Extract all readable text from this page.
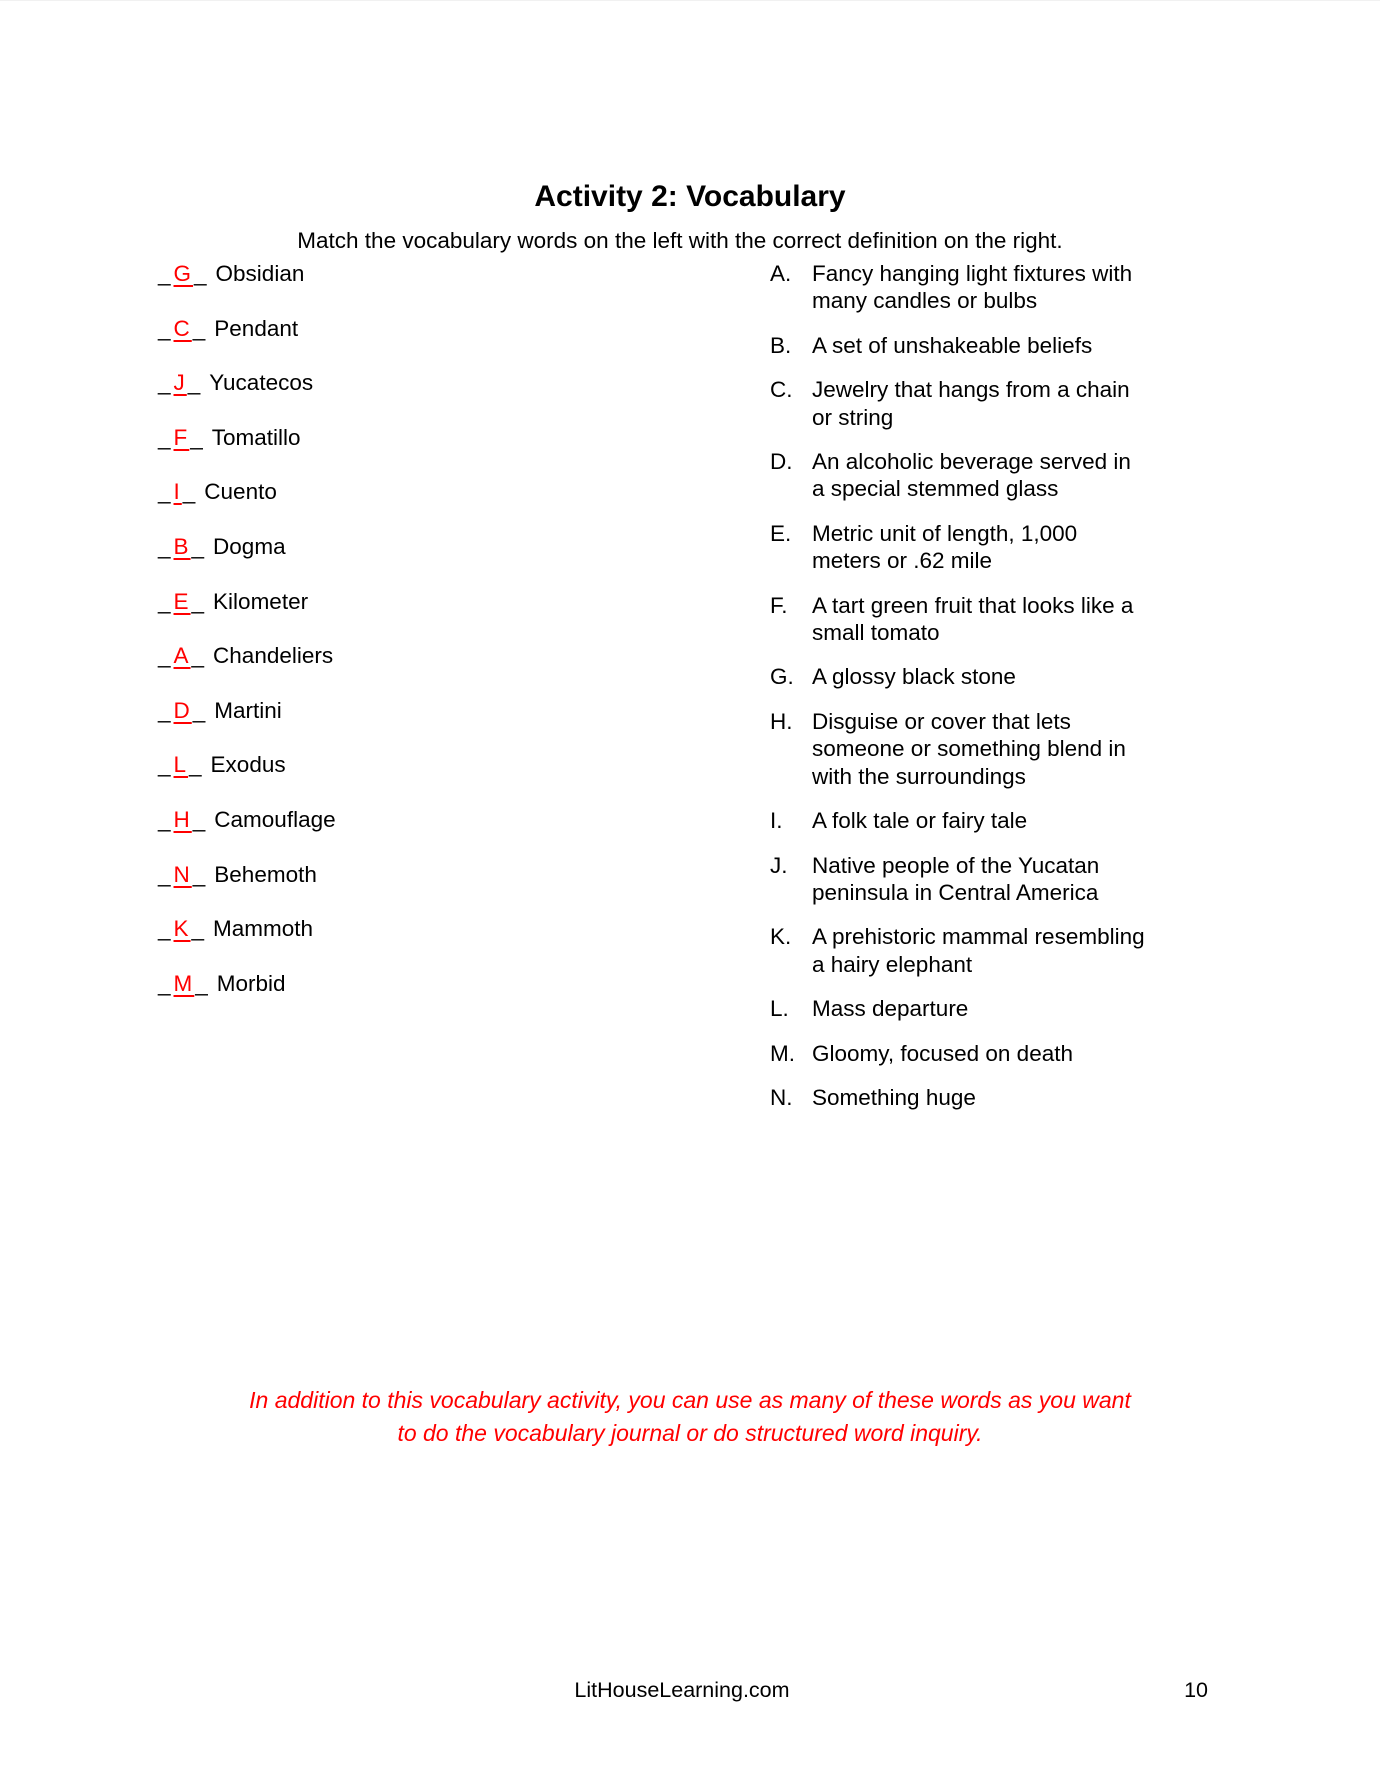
Activity 2: Vocabulary
Match the vocabulary words on the left with the correct definition on the right.
_G_ Obsidian
_C_ Pendant
_J_ Yucatecos
_F_ Tomatillo
_I_ Cuento
_B_ Dogma
_E_ Kilometer
_A_ Chandeliers
_D_ Martini
_L_ Exodus
_H_ Camouflage
_N_ Behemoth
_K_ Mammoth
_M_ Morbid
A. Fancy hanging light fixtures with
many candles or bulbs
B. A set of unshakeable beliefs
C. Jewelry that hangs from a chain
or string
D. An alcoholic beverage served in
a special stemmed glass
E. Metric unit of length, 1,000
meters or .62 mile
F.	A tart green fruit that looks like a
small tomato
G. A glossy black stone
H. Disguise or cover that lets
someone or something blend in
with the surroundings
I.	A folk tale or fairy tale
J.	Native people of the Yucatan
peninsula in Central America
K. A prehistoric mammal resembling
a hairy elephant
L.	Mass departure
M. Gloomy, focused on death
N. Something huge
In addition to this vocabulary activity, you can use as many of these words as you want
to do the vocabulary journal or do structured word inquiry.
LitHouseLearning.com	10
